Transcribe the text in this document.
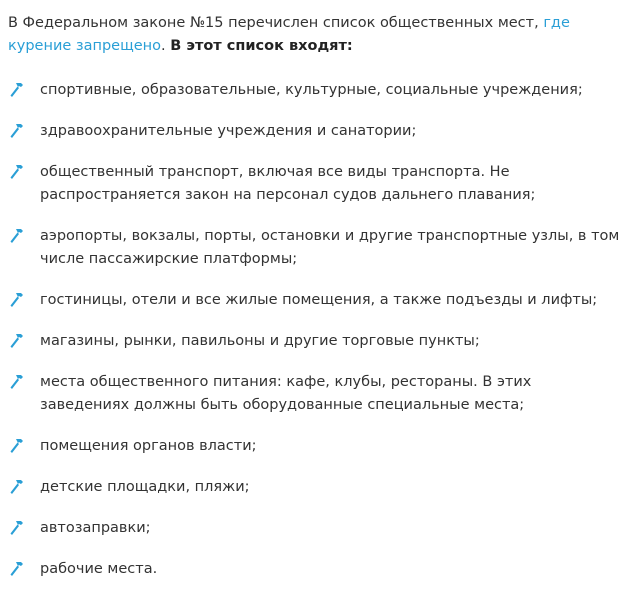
В Федеральном законе №15 перечислен список общественных мест, где курение запрещено. В этот список входят:

спортивные, образовательные, культурные, социальные учреждения;
здравоохранительные учреждения и санатории;
общественный транспорт, включая все виды транспорта. Не распространяется закон на персонал судов дальнего плавания;
аэропорты, вокзалы, порты, остановки и другие транспортные узлы, в том числе пассажирские платформы;
гостиницы, отели и все жилые помещения, а также подъезды и лифты;
магазины, рынки, павильоны и другие торговые пункты;
места общественного питания: кафе, клубы, рестораны. В этих заведениях должны быть оборудованные специальные места;
помещения органов власти;
детские площадки, пляжи;
автозаправки;
рабочие места.
